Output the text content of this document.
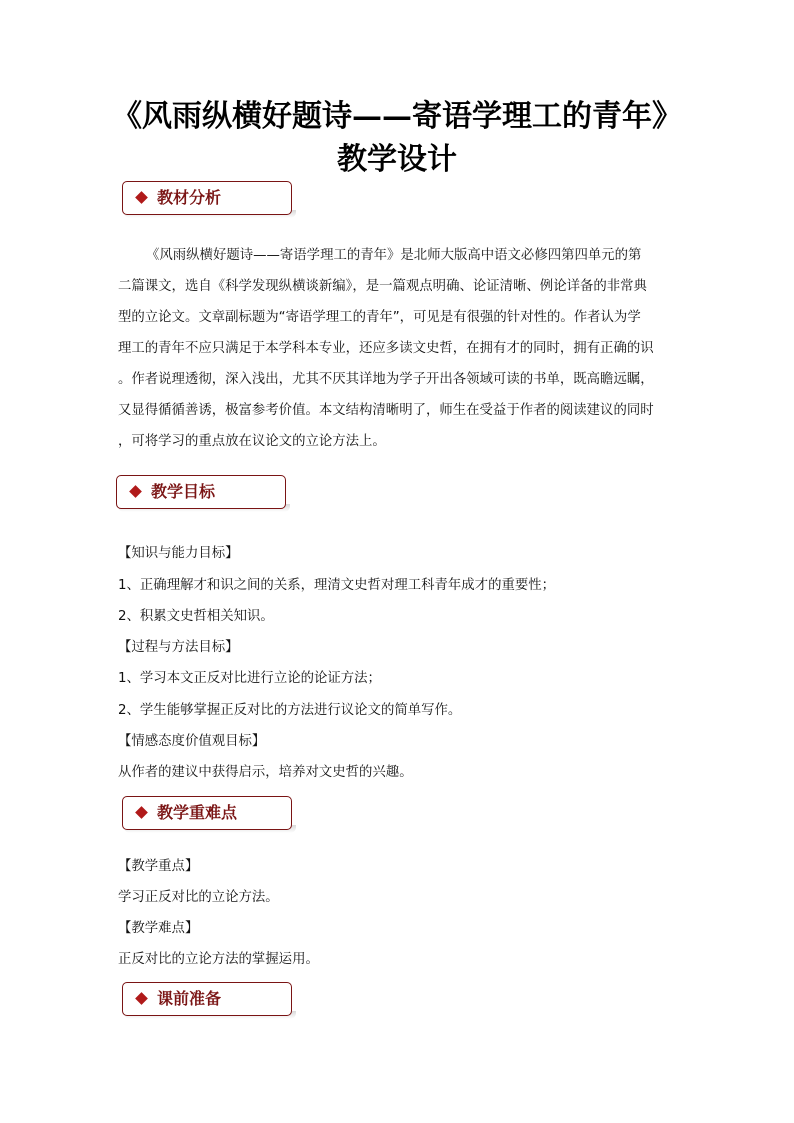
《风雨纵横好题诗——寄语学理工的青年》
教学设计
教材分析
《风雨纵横好题诗——寄语学理工的青年》是北师大版高中语文必修四第四单元的第
二篇课文，选自《科学发现纵横谈新编》，是一篇观点明确、论证清晰、例论详备的非常典
型的立论文。文章副标题为“寄语学理工的青年”，可见是有很强的针对性的。作者认为学
理工的青年不应只满足于本学科本专业，还应多读文史哲，在拥有才的同时，拥有正确的识
。作者说理透彻，深入浅出，尤其不厌其详地为学子开出各领域可读的书单，既高瞻远瞩，
又显得循循善诱，极富参考价值。本文结构清晰明了，师生在受益于作者的阅读建议的同时
，可将学习的重点放在议论文的立论方法上。
教学目标
【知识与能力目标】
1、正确理解才和识之间的关系，理清文史哲对理工科青年成才的重要性；
2、积累文史哲相关知识。
【过程与方法目标】
1、学习本文正反对比进行立论的论证方法；
2、学生能够掌握正反对比的方法进行议论文的简单写作。
【情感态度价值观目标】
从作者的建议中获得启示，培养对文史哲的兴趣。
教学重难点
【教学重点】
学习正反对比的立论方法。
【教学难点】
正反对比的立论方法的掌握运用。
课前准备
